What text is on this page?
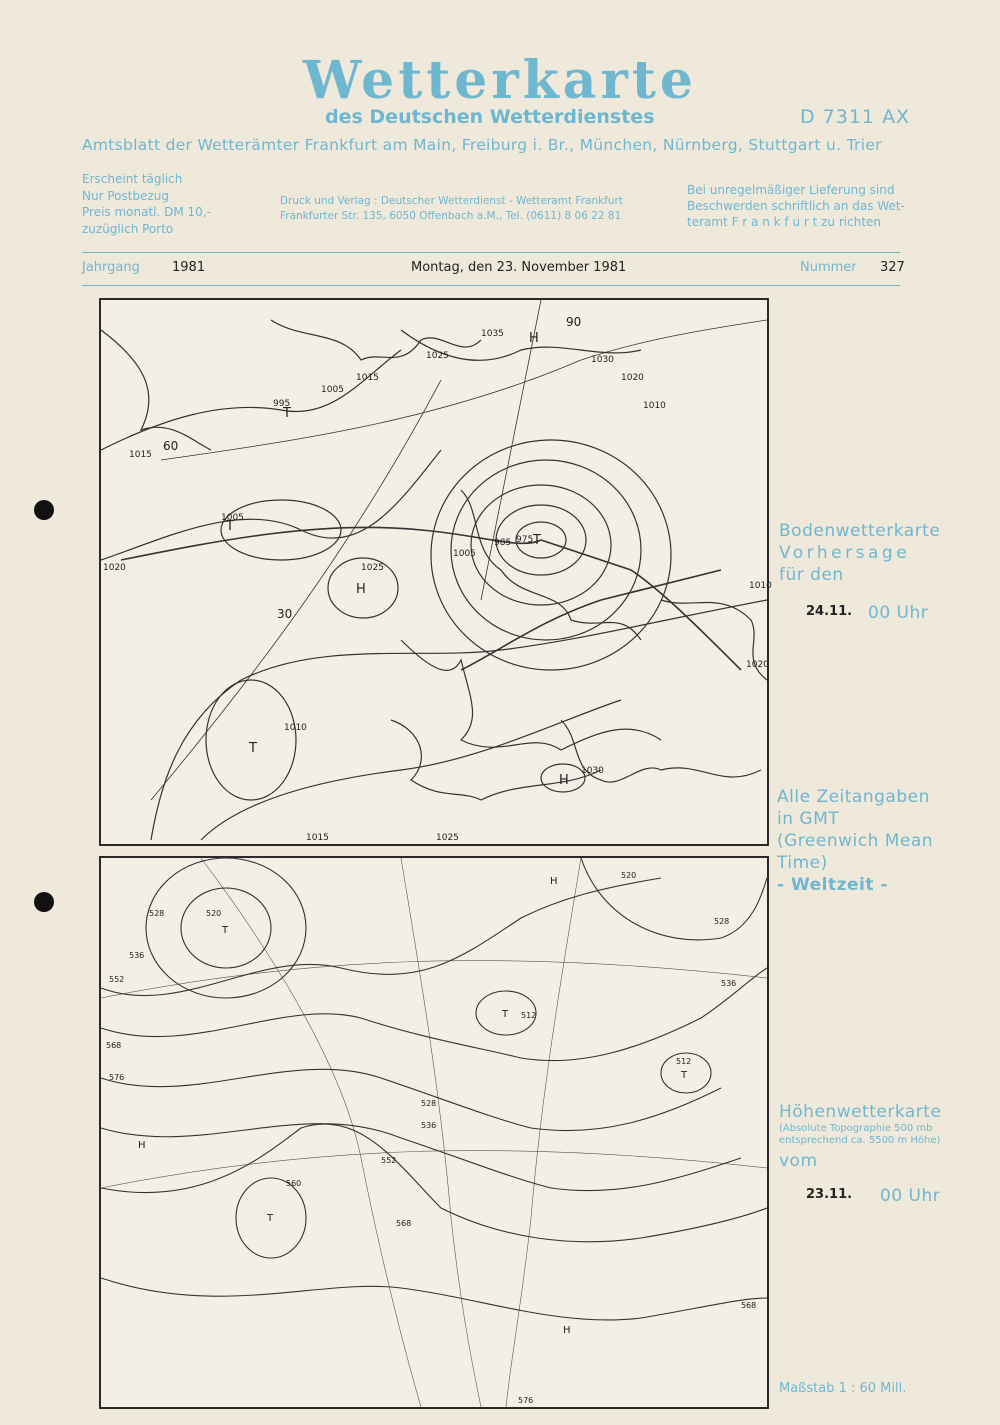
Wetterkarte
des Deutschen Wetterdienstes	D 7311 AX
Amtsblatt der Wetterämter Frankfurt am Main, Freiburg i. Br., München, Nürnberg, Stuttgart u. Trier
Erscheint täglich
Nur Postbezug
Preis monatl. DM 10,-
zuzüglich Porto
Druck und Verlag : Deutscher Wetterdienst - Wetteramt Frankfurt
Frankfurter Str. 135, 6050 Offenbach a.M., Tel. (0611) 8 06 22 81
Bei unregelmäßiger Lieferung sind
Beschwerden schriftlich an das Wet-
teramt F r a n k f u r t zu richten
Jahrgang 1981	Montag, den 23. November 1981	Nummer 327
1035
1030
1025
1020
1015
1010
1005
995
985 975
1005
1025
1010
1030
1020
1015	1025
1010
1020
1005
1015
H
T
H
T
T
T
H
90
60
30
Bodenwetterkarte
Vorhersage
für den
24.11. 00 Uhr
Alle Zeitangaben
in GMT
(Greenwich Mean
Time)
- Weltzeit -
520
528
536
552
568
576
512
528
536
552
560
568
520
528
536
512
568
576
T
T
T
T
H
H
H
Höhenwetterkarte
(Absolute Topographie 500 mb
entsprechend ca. 5500 m Höhe)
vom
23.11. 00 Uhr
Maßstab 1 : 60 Mill.
